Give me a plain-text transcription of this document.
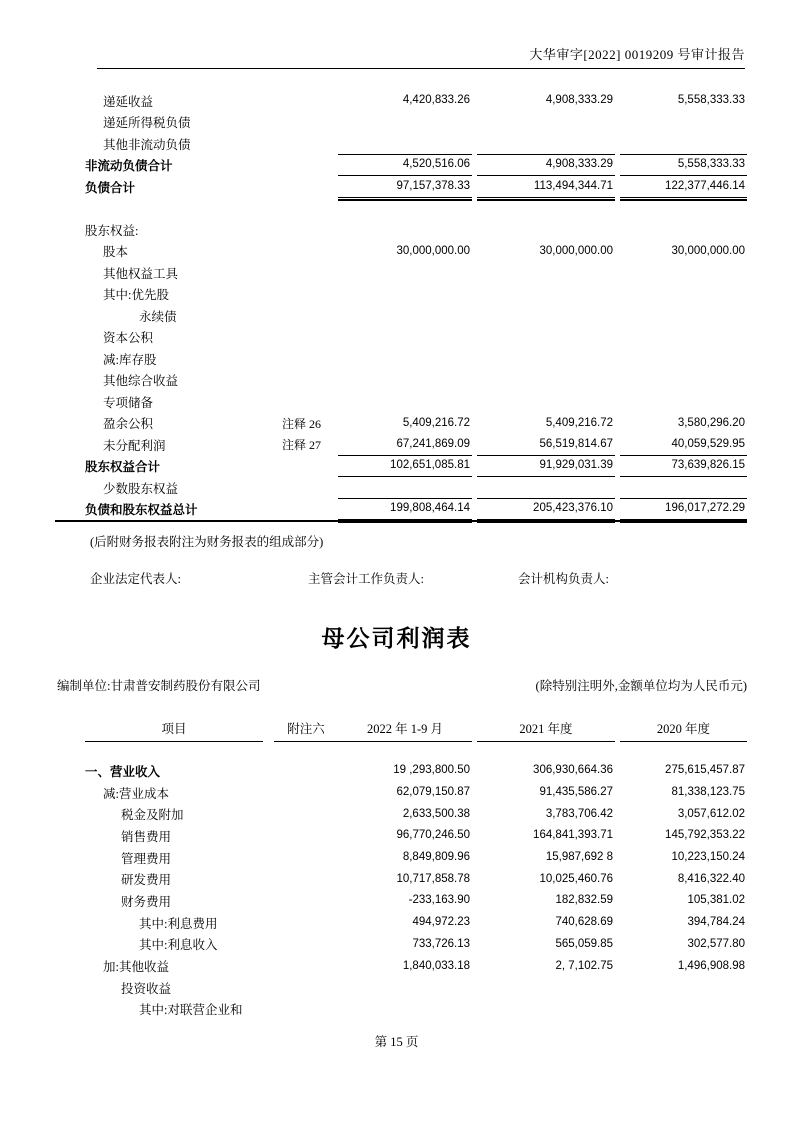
大华审字[2022] 0019209 号审计报告
递延收益	4,420,833.26	4,908,333.29	5,558,333.33
递延所得税负债
其他非流动负债
非流动负债合计	4,520,516.06	4,908,333.29	5,558,333.33
负债合计	97,157,378.33	113,494,344.71	122,377,446.14
股东权益:
股本	30,000,000.00	30,000,000.00	30,000,000.00
其他权益工具
其中:优先股
永续债
资本公积
减:库存股
其他综合收益
专项储备
盈余公积	注释 26	5,409,216.72	5,409,216.72	3,580,296.20
未分配利润	注释 27	67,241,869.09	56,519,814.67	40,059,529.95
股东权益合计	102,651,085.81	91,929,031.39	73,639,826.15
少数股东权益
负债和股东权益总计	199,808,464.14	205,423,376.10	196,017,272.29
(后附财务报表附注为财务报表的组成部分)
企业法定代表人:	主管会计工作负责人:	会计机构负责人:
母公司利润表
编制单位:甘肃普安制药股份有限公司	(除特别注明外,金额单位均为人民币元)
项目	附注六	2022 年 1-9 月	2021 年度	2020 年度
一、营业收入	19 ,293,800.50	306,930,664.36	275,615,457.87
减:营业成本	62,079,150.87	91,435,586.27	81,338,123.75
税金及附加	2,633,500.38	3,783,706.42	3,057,612.02
销售费用	96,770,246.50	164,841,393.71	145,792,353.22
管理费用	8,849,809.96	15,987,692 8	10,223,150.24
研发费用	10,717,858.78	10,025,460.76	8,416,322.40
财务费用	-233,163.90	182,832.59	105,381.02
其中:利息费用	494,972.23	740,628.69	394,784.24
其中:利息收入	733,726.13	565,059.85	302,577.80
加:其他收益	1,840,033.18	2, 7,102.75	1,496,908.98
投资收益
其中:对联营企业和
第 15 页
